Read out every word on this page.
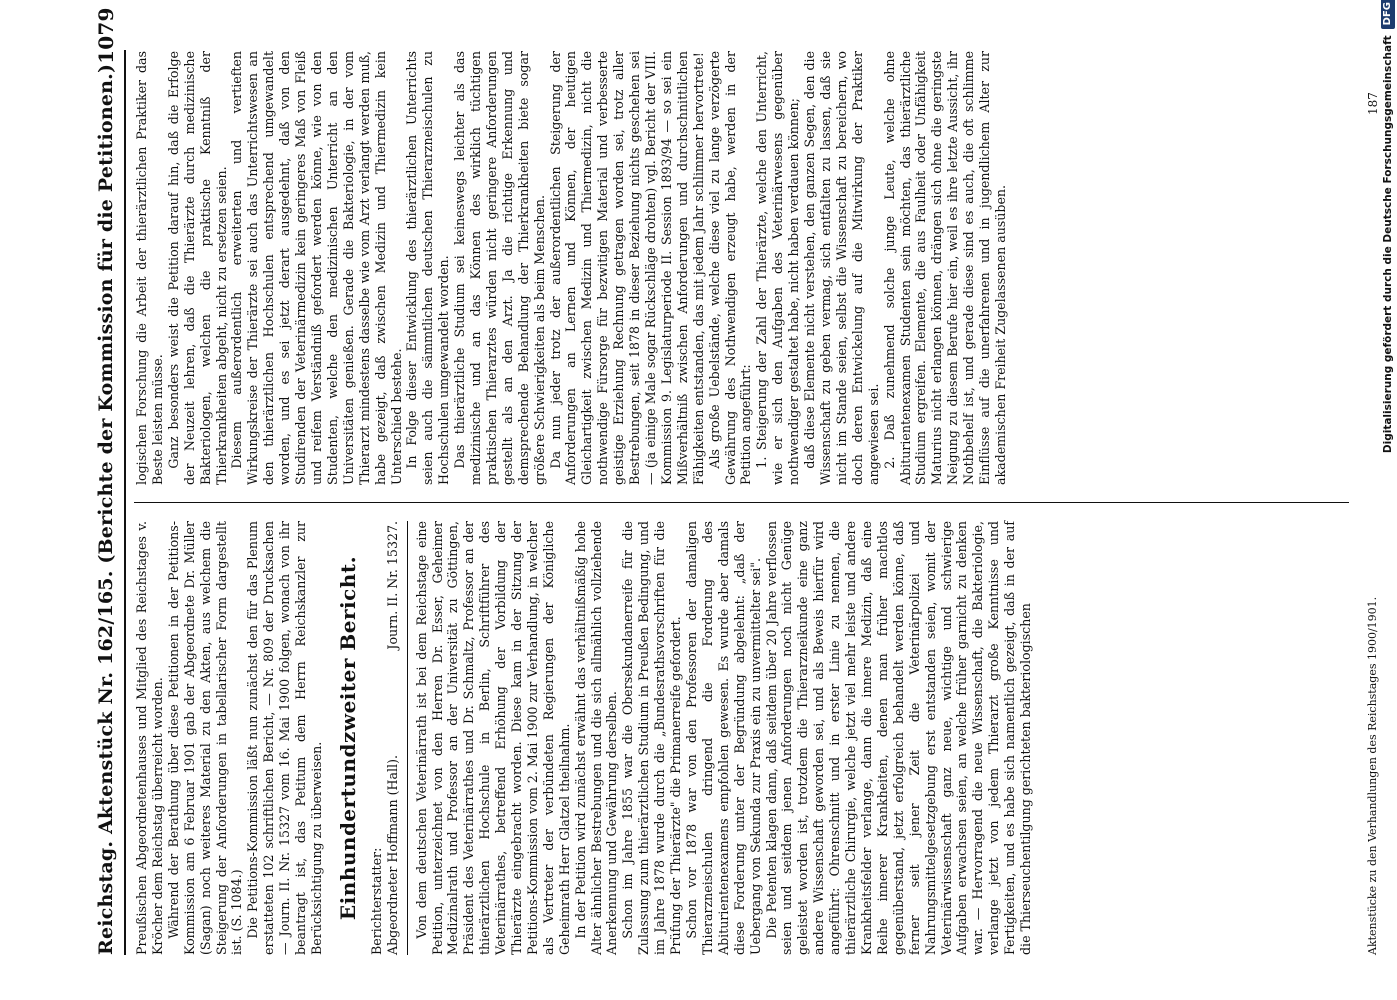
Reichstag. Aktenstück Nr. 162/165. (Berichte der Kommission für die Petitionen.)
1079

Preußischen Abgeordnetenhauses und Mitglied des Reichstages v. Kröcher dem Reichstag überreicht worden. Während der Berathung über diese Petitionen in der Petitions-Kommission am 6 Februar 1901 gab der Abgeordnete Dr. Müller (Sagan) noch weiteres Material zu den Akten, aus welchem die Steigerung der Anforderungen in tabellarischer Form dargestellt ist. (S. 1084.) Die Petitions-Kommission läßt nun zunächst den für das Plenum erstatteten 102 schriftlichen Bericht, — Nr. 809 der Drucksachen — Journ. II. Nr. 15327 vom 16. Mai 1900 folgen, wonach von ihr beantragt ist, das Petitum dem Herrn Reichskanzler zur Berücksichtigung zu überweisen. Einhundertundzweiter Bericht. Berichterstatter: Abgeordneter Hoffmann (Hall).
Journ. II. Nr. 15327. Von dem deutschen Veterinärrath ist bei dem Reichstage eine Petition, unterzeichnet von den Herren Dr. Esser, Geheimer Medizinalrath und Professor an der Universität zu Göttingen, Präsident des Veterinärrathes und Dr. Schmaltz, Professor an der thierärztlichen Hochschule in Berlin, Schriftführer des Veterinärrathes, betreffend Erhöhung der Vorbildung der Thierärzte eingebracht worden. Diese kam in der Sitzung der Petitions-Kommission vom 2. Mai 1900 zur Verhandlung, in welcher als Vertreter der verbündeten Regierungen der Königliche Geheimrath Herr Glatzel theilnahm. In der Petition wird zunächst erwähnt das verhältnißmäßig hohe Alter ähnlicher Bestrebungen und die sich allmählich vollziehende Anerkennung und Gewährung derselben. Schon im Jahre 1855 war die Obersekundanerreife für die Zulassung zum thierärztlichen Studium in Preußen Bedingung, und im Jahre 1878 wurde durch die „Bundesrathsvorschriften für die Prüfung der Thierärzte" die Primanerreife gefordert. Schon vor 1878 war von den Professoren der damaligen Thierarzneischulen dringend die Forderung des Abiturientenexamens empfohlen gewesen. Es wurde aber damals diese Forderung unter der Begründung abgelehnt: „daß der Uebergang von Sekunda zur Praxis ein zu unvermittelter sei". Die Petenten klagen dann, daß seitdem über 20 Jahre verflossen seien und seitdem jenen Anforderungen noch nicht Genüge geleistet worden ist, trotzdem die Thierarzneikunde eine ganz andere Wissenschaft geworden sei, und als Beweis hierfür wird angeführt: Ohrenschnitt und in erster Linie zu nennen, die thierärztliche Chirurgie, welche jetzt viel mehr leiste und andere Krankheitsfelder verlange, dann die innere Medizin, daß eine Reihe innerer Krankheiten, denen man früher machtlos gegenüberstand, jetzt erfolgreich behandelt werden könne, daß ferner seit jener Zeit die Veterinärpolizei und Nahrungsmittelgesetzgebung erst entstanden seien, womit der Veterinärwissenschaft ganz neue, wichtige und schwierige Aufgaben erwachsen seien, an welche früher garnicht zu denken war. — Hervorragend die neue Wissenschaft, die Bakteriologie, verlange jetzt von jedem Thierarzt große Kenntnisse und Fertigkeiten, und es habe sich namentlich gezeigt, daß in der auf die Thierseuchentilgung gerichteten bakteriologischen

logischen Forschung die Arbeit der thierärztlichen Praktiker das Beste leisten müsse. Ganz besonders weist die Petition darauf hin, daß die Erfolge der Neuzeit lehren, daß die Thierärzte durch medizinische Bakteriologen, welchen die praktische Kenntniß der Thierkrankheiten abgeht, nicht zu ersetzen seien. Diesem außerordentlich erweiterten und vertieften Wirkungskreise der Thierärzte sei auch das Unterrichtswesen an den thierärztlichen Hochschulen entsprechend umgewandelt worden, und es sei jetzt derart ausgedehnt, daß von den Studirenden der Veterinärmedizin kein geringeres Maß von Fleiß und reifem Verständniß gefordert werden könne, wie von den Studenten, welche den medizinischen Unterricht an den Universitäten genießen. Gerade die Bakteriologie, in der vom Thierarzt mindestens dasselbe wie vom Arzt verlangt werden muß, habe gezeigt, daß zwischen Medizin und Thiermedizin kein Unterschied bestehe. In Folge dieser Entwicklung des thierärztlichen Unterrichts seien auch die sämmtlichen deutschen Thierarzneischulen zu Hochschulen umgewandelt worden. Das thierärztliche Studium sei keineswegs leichter als das medizinische und an das Können des wirklich tüchtigen praktischen Thierarztes würden nicht geringere Anforderungen gestellt als an den Arzt. Ja die richtige Erkennung und demsprechende Behandlung der Thierkrankheiten biete sogar größere Schwierigkeiten als beim Menschen. Da nun jeder trotz der außerordentlichen Steigerung der Anforderungen an Lernen und Können, der heutigen Gleichartigkeit zwischen Medizin und Thiermedizin, nicht die nothwendige Fürsorge für bezwitigen Material und verbesserte geistige Erziehung Rechnung getragen worden sei, trotz aller Bestrebungen, seit 1878 in dieser Beziehung nichts geschehen sei — (ja einige Male sogar Rückschläge drohten) vgl. Bericht der VIII. Kommission 9. Legislaturperiode II. Session 1893/94 — so sei ein Mißverhältniß zwischen Anforderungen und durchschnittlichen Fähigkeiten entstanden, das mit jedem Jahr schlimmer hervortrete! Als große Uebelstände, welche diese viel zu lange verzögerte Gewährung des Nothwendigen erzeugt habe, werden in der Petition angeführt: 1. Steigerung der Zahl der Thierärzte, welche den Unterricht, wie er sich den Aufgaben des Veterinärwesens gegenüber nothwendiger gestaltet habe, nicht haben verdauen können; daß diese Elemente nicht verstehen, den ganzen Segen, den die Wissenschaft zu geben vermag, sich entfalten zu lassen, daß sie nicht im Stande seien, selbst die Wissenschaft zu bereichern, wo doch deren Entwickelung auf die Mitwirkung der Praktiker angewiesen sei. 2. Daß zunehmend solche junge Leute, welche ohne Abiturientenexamen Studenten sein möchten, das thierärztliche Studium ergreifen. Elemente, die aus Faulheit oder Unfähigkeit Maturius nicht erlangen können, drängen sich ohne die geringste Neigung zu diesem Berufe hier ein, weil es ihre letzte Aussicht, ihr Nothbehelf ist, und gerade diese sind es auch, die oft schlimme Einflüsse auf die unerfahrenen und in jugendlichem Alter zur akademischen Freiheit Zugelassenen ausüben.

Aktenstücke zu den Verhandlungen des Reichstages 1900/1901.
187 Digitalisierung gefördert durch die Deutsche Forschungsgemeinschaft
DFG
